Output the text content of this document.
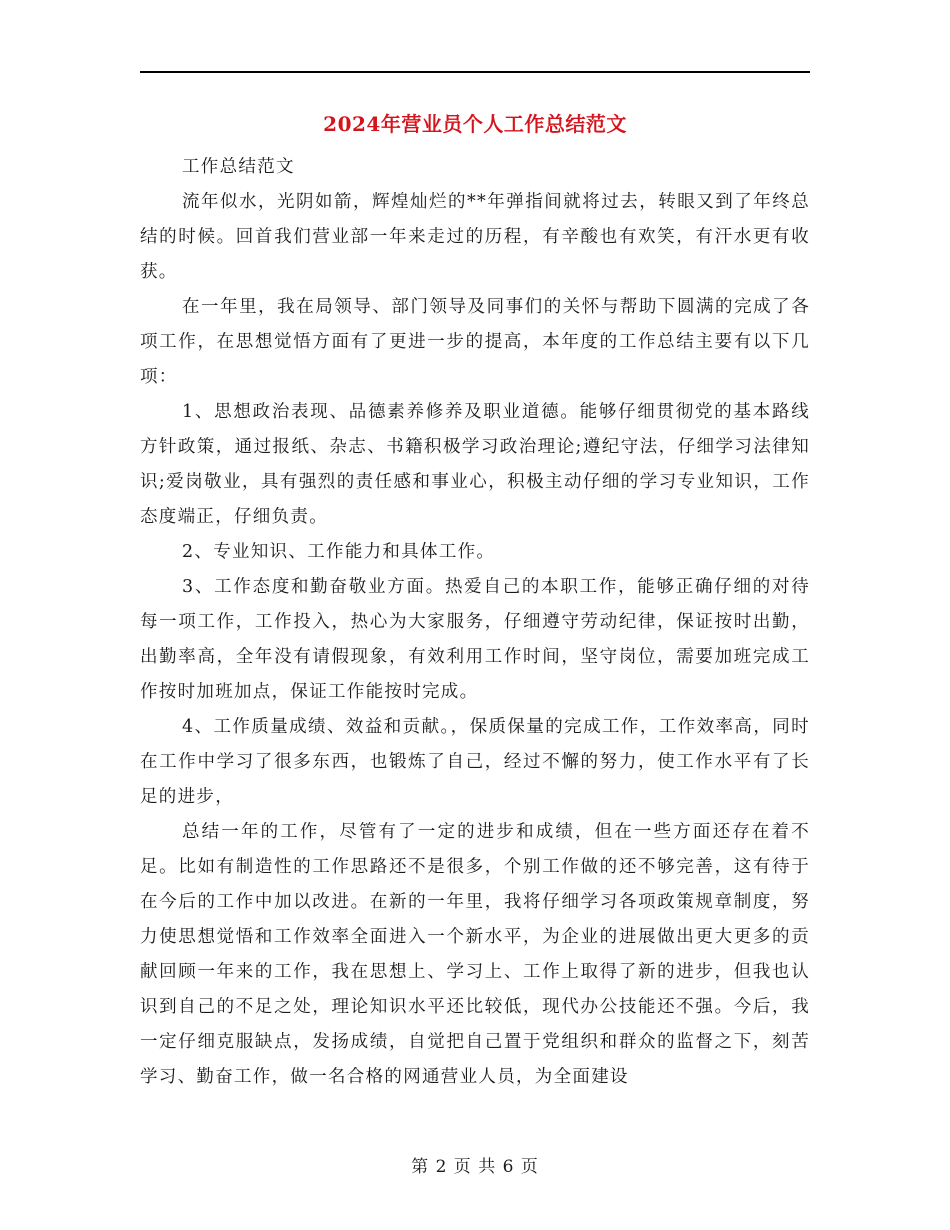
2024年营业员个人工作总结范文

工作总结范文

流年似水，光阴如箭，辉煌灿烂的**年弹指间就将过去，转眼又到了年终总结的时候。回首我们营业部一年来走过的历程，有辛酸也有欢笑，有汗水更有收获。

在一年里，我在局领导、部门领导及同事们的关怀与帮助下圆满的完成了各项工作，在思想觉悟方面有了更进一步的提高，本年度的工作总结主要有以下几项：

1、思想政治表现、品德素养修养及职业道德。能够仔细贯彻党的基本路线方针政策，通过报纸、杂志、书籍积极学习政治理论;遵纪守法，仔细学习法律知识;爱岗敬业，具有强烈的责任感和事业心，积极主动仔细的学习专业知识，工作态度端正，仔细负责。

2、专业知识、工作能力和具体工作。

3、工作态度和勤奋敬业方面。热爱自己的本职工作，能够正确仔细的对待每一项工作，工作投入，热心为大家服务，仔细遵守劳动纪律，保证按时出勤，出勤率高，全年没有请假现象，有效利用工作时间，坚守岗位，需要加班完成工作按时加班加点，保证工作能按时完成。

4、工作质量成绩、效益和贡献。，保质保量的完成工作，工作效率高，同时在工作中学习了很多东西，也锻炼了自己，经过不懈的努力，使工作水平有了长足的进步，

总结一年的工作，尽管有了一定的进步和成绩，但在一些方面还存在着不足。比如有制造性的工作思路还不是很多，个别工作做的还不够完善，这有待于在今后的工作中加以改进。在新的一年里，我将仔细学习各项政策规章制度，努力使思想觉悟和工作效率全面进入一个新水平，为企业的进展做出更大更多的贡献回顾一年来的工作，我在思想上、学习上、工作上取得了新的进步，但我也认识到自己的不足之处，理论知识水平还比较低，现代办公技能还不强。今后，我一定仔细克服缺点，发扬成绩，自觉把自己置于党组织和群众的监督之下，刻苦学习、勤奋工作，做一名合格的网通营业人员，为全面建设

第 2 页 共 6 页
